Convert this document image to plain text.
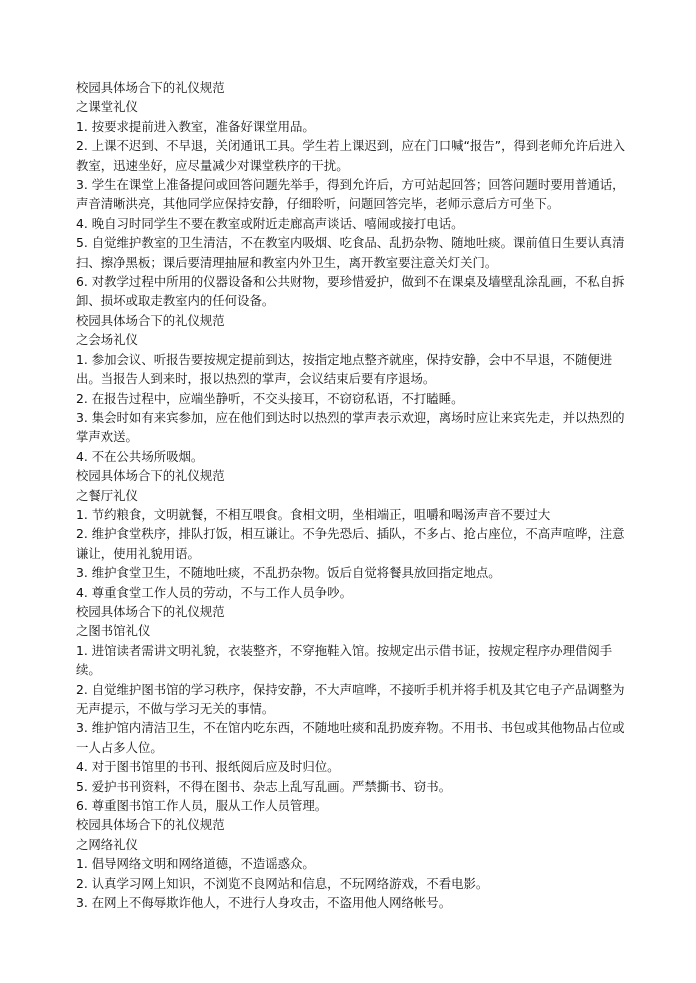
校园具体场合下的礼仪规范

之课堂礼仪

1. 按要求提前进入教室，准备好课堂用品。

2. 上课不迟到、不早退，关闭通讯工具。学生若上课迟到，应在门口喊“报告”，得到老师允许后进入教室，迅速坐好，应尽量减少对课堂秩序的干扰。

3. 学生在课堂上准备提问或回答问题先举手，得到允许后，方可站起回答；回答问题时要用普通话，声音清晰洪亮，其他同学应保持安静，仔细聆听，问题回答完毕，老师示意后方可坐下。

4. 晚自习时同学生不要在教室或附近走廊高声谈话、嘻闹或接打电话。

5. 自觉维护教室的卫生清洁，不在教室内吸烟、吃食品、乱扔杂物、随地吐痰。课前值日生要认真清扫、擦净黑板；课后要清理抽屉和教室内外卫生，离开教室要注意关灯关门。

6. 对教学过程中所用的仪器设备和公共财物，要珍惜爱护，做到不在课桌及墙壁乱涂乱画，不私自拆卸、损坏或取走教室内的任何设备。

校园具体场合下的礼仪规范

之会场礼仪

1. 参加会议、听报告要按规定提前到达，按指定地点整齐就座，保持安静，会中不早退，不随便进出。当报告人到来时，报以热烈的掌声，会议结束后要有序退场。

2. 在报告过程中，应端坐静听，不交头接耳，不窃窃私语，不打瞌睡。

3. 集会时如有来宾参加，应在他们到达时以热烈的掌声表示欢迎，离场时应让来宾先走，并以热烈的掌声欢送。

4. 不在公共场所吸烟。

校园具体场合下的礼仪规范

之餐厅礼仪

1. 节约粮食，文明就餐，不相互喂食。食相文明，坐相端正，咀嚼和喝汤声音不要过大

2. 维护食堂秩序，排队打饭，相互谦让。不争先恐后、插队，不多占、抢占座位，不高声喧哗，注意谦让，使用礼貌用语。

3. 维护食堂卫生，不随地吐痰，不乱扔杂物。饭后自觉将餐具放回指定地点。

4. 尊重食堂工作人员的劳动，不与工作人员争吵。

校园具体场合下的礼仪规范

之图书馆礼仪

1. 进馆读者需讲文明礼貌，衣装整齐，不穿拖鞋入馆。按规定出示借书证，按规定程序办理借阅手续。

2. 自觉维护图书馆的学习秩序，保持安静，不大声喧哗，不接听手机并将手机及其它电子产品调整为无声提示，不做与学习无关的事情。

3. 维护馆内清洁卫生，不在馆内吃东西，不随地吐痰和乱扔废弃物。不用书、书包或其他物品占位或一人占多人位。

4. 对于图书馆里的书刊、报纸阅后应及时归位。

5. 爱护书刊资料，不得在图书、杂志上乱写乱画。严禁撕书、窃书。

6. 尊重图书馆工作人员，服从工作人员管理。

校园具体场合下的礼仪规范

之网络礼仪

1. 倡导网络文明和网络道德，不造谣惑众。

2. 认真学习网上知识，不浏览不良网站和信息，不玩网络游戏，不看电影。

3. 在网上不侮辱欺诈他人，不进行人身攻击，不盗用他人网络帐号。
